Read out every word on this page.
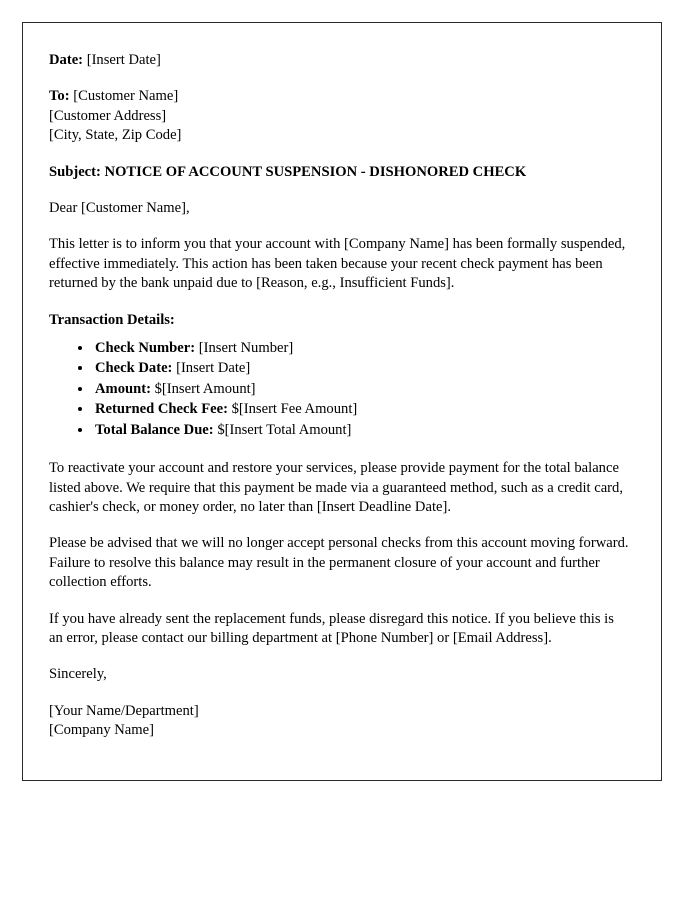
Date: [Insert Date]

To: [Customer Name]

[Customer Address]

[City, State, Zip Code]

Subject: NOTICE OF ACCOUNT SUSPENSION - DISHONORED CHECK

Dear [Customer Name],

This letter is to inform you that your account with [Company Name] has been formally suspended, effective immediately. This action has been taken because your recent check payment has been returned by the bank unpaid due to [Reason, e.g., Insufficient Funds].

Transaction Details:

• Check Number: [Insert Number]
• Check Date: [Insert Date]
• Amount: $[Insert Amount]
• Returned Check Fee: $[Insert Fee Amount]
• Total Balance Due: $[Insert Total Amount]

To reactivate your account and restore your services, please provide payment for the total balance listed above. We require that this payment be made via a guaranteed method, such as a credit card, cashier's check, or money order, no later than [Insert Deadline Date].

Please be advised that we will no longer accept personal checks from this account moving forward. Failure to resolve this balance may result in the permanent closure of your account and further collection efforts.

If you have already sent the replacement funds, please disregard this notice. If you believe this is an error, please contact our billing department at [Phone Number] or [Email Address].

Sincerely,

[Your Name/Department]

[Company Name]
